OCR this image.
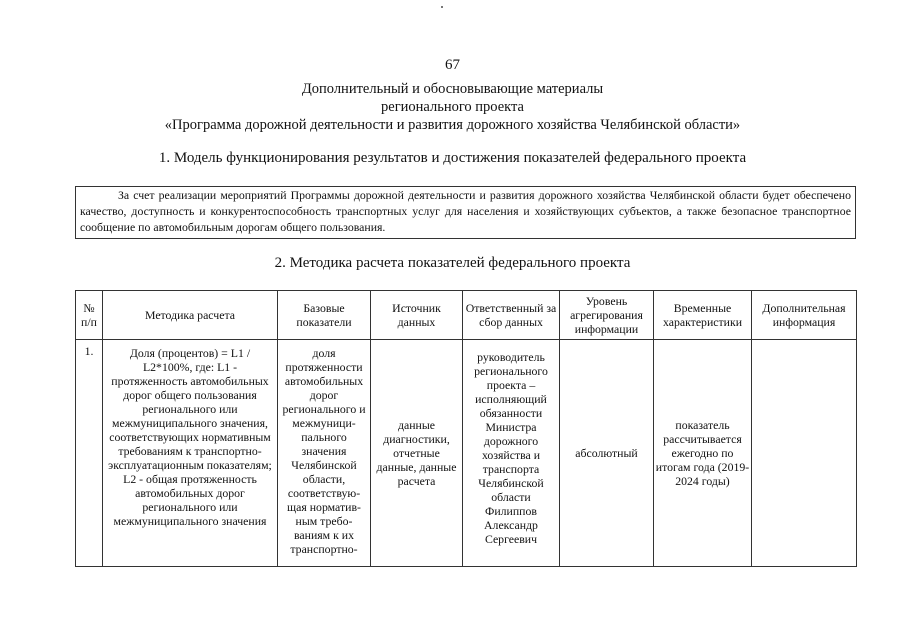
67
Дополнительный и обосновывающие материалы
регионального проекта
«Программа дорожной деятельности и развития дорожного хозяйства Челябинской области»
1. Модель функционирования результатов и достижения показателей федерального проекта

За счет реализации мероприятий Программы дорожной деятельности и развития дорожного хозяйства Челябинской области будет обеспечено качество, доступность и конкурентоспособность транспортных услуг для населения и хозяйствующих субъектов, а также безопасное транспортное сообщение по автомобильным дорогам общего пользования.

2. Методика расчета показателей федерального проекта
№ п/п	Методика расчета	Базовые показатели	Источник данных	Ответственный за сбор данных	Уровень агрегирования информации	Временные характеристики	Дополнительная информация
1.	Доля (процентов) = L1 / L2*100%, где: L1 - протяженность автомобильных дорог общего пользования регионального или межмуниципального значения, соответствующих нормативным требованиям к транспортно-эксплуатационным показателям; L2 - общая протяженность автомобильных дорог регионального или межмуниципального значения	доля протяженности автомобильных дорог регионального и межмуници-пального значения Челябинской области, соответствую-щая норматив-ным требо-ваниям к их транспортно-	данные диагностики, отчетные данные, данные расчета	руководитель регионального проекта – исполняющий обязанности Министра дорожного хозяйства и транспорта Челябинской области Филиппов Александр Сергеевич	абсолютный	показатель рассчитывается ежегодно по итогам года (2019-2024 годы)	
